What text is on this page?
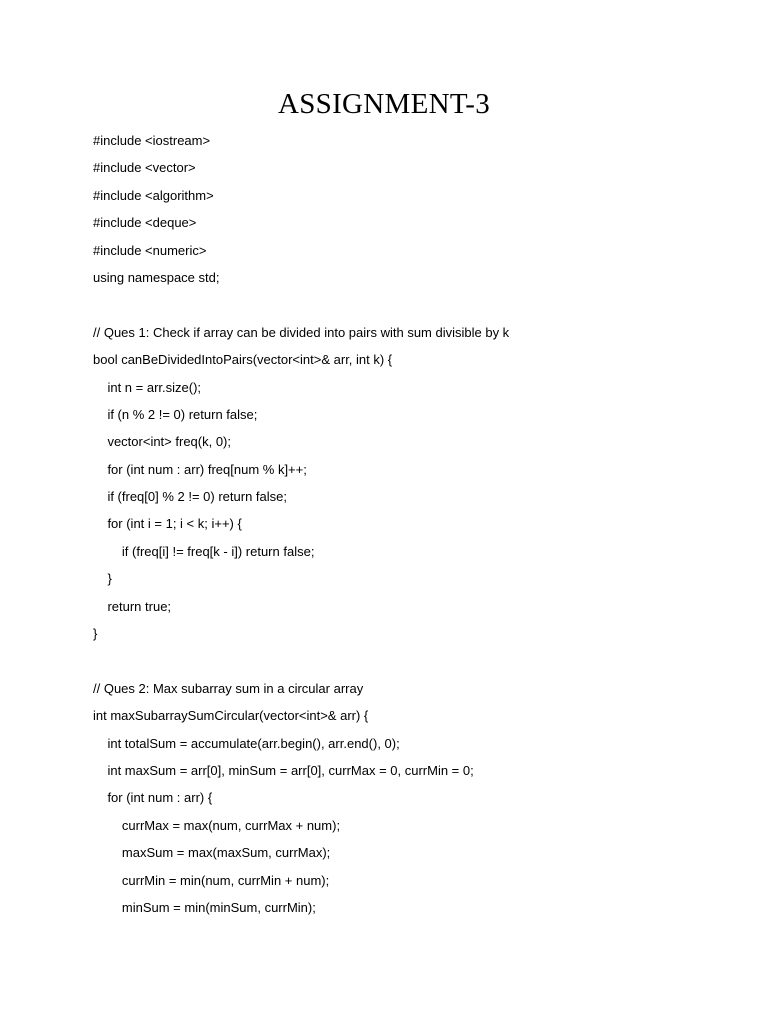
ASSIGNMENT-3
#include <iostream>
#include <vector>
#include <algorithm>
#include <deque>
#include <numeric>
using namespace std;
// Ques 1: Check if array can be divided into pairs with sum divisible by k
bool canBeDividedIntoPairs(vector<int>& arr, int k) {
int n = arr.size();
if (n % 2 != 0) return false;
vector<int> freq(k, 0);
for (int num : arr) freq[num % k]++;
if (freq[0] % 2 != 0) return false;
for (int i = 1; i < k; i++) {
if (freq[i] != freq[k - i]) return false;
}
return true;
}
// Ques 2: Max subarray sum in a circular array
int maxSubarraySumCircular(vector<int>& arr) {
int totalSum = accumulate(arr.begin(), arr.end(), 0);
int maxSum = arr[0], minSum = arr[0], currMax = 0, currMin = 0;
for (int num : arr) {
currMax = max(num, currMax + num);
maxSum = max(maxSum, currMax);
currMin = min(num, currMin + num);
minSum = min(minSum, currMin);
